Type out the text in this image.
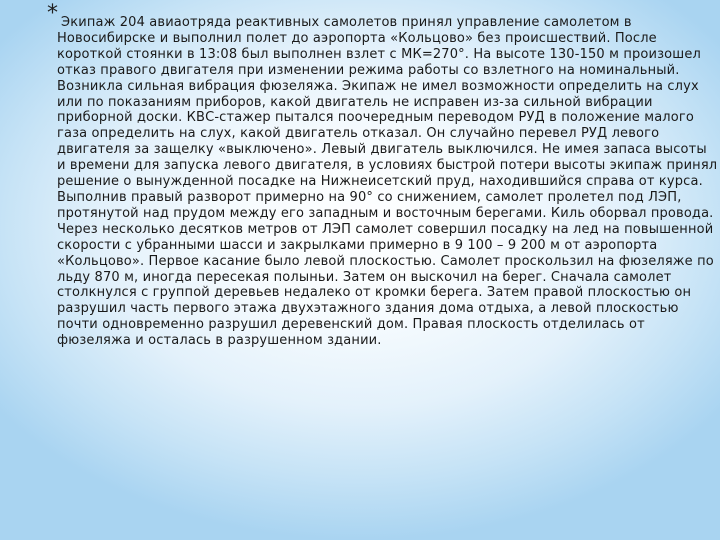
* Экипаж 204 авиаотряда реактивных самолетов принял управление самолетом в Новосибирске и выполнил полет до аэропорта «Кольцово» без происшествий. После короткой стоянки в 13:08 был выполнен взлет с МК=270°. На высоте 130-150 м произошел отказ правого двигателя при изменении режима работы со взлетного на номинальный. Возникла сильная вибрация фюзеляжа. Экипаж не имел возможности определить на слух или по показаниям приборов, какой двигатель не исправен из-за сильной вибрации приборной доски. КВС-стажер пытался поочередным переводом РУД в положение малого газа определить на слух, какой двигатель отказал. Он случайно перевел РУД левого двигателя за защелку «выключено». Левый двигатель выключился. Не имея запаса высоты и времени для запуска левого двигателя, в условиях быстрой потери высоты экипаж принял решение о вынужденной посадке на Нижнеисетский пруд, находившийся справа от курса. Выполнив правый разворот примерно на 90° со снижением, самолет пролетел под ЛЭП, протянутой над прудом между его западным и восточным берегами. Киль оборвал провода. Через несколько десятков метров от ЛЭП самолет совершил посадку на лед на повышенной скорости с убранными шасси и закрылками примерно в 9 100 – 9 200 м от аэропорта «Кольцово». Первое касание было левой плоскостью. Самолет проскользил на фюзеляже по льду 870 м, иногда пересекая полыньи. Затем он выскочил на берег. Сначала самолет столкнулся с группой деревьев недалеко от кромки берега. Затем правой плоскостью он разрушил часть первого этажа двухэтажного здания дома отдыха, а левой плоскостью почти одновременно разрушил деревенский дом. Правая плоскость отделилась от фюзеляжа и осталась в разрушенном здании.
